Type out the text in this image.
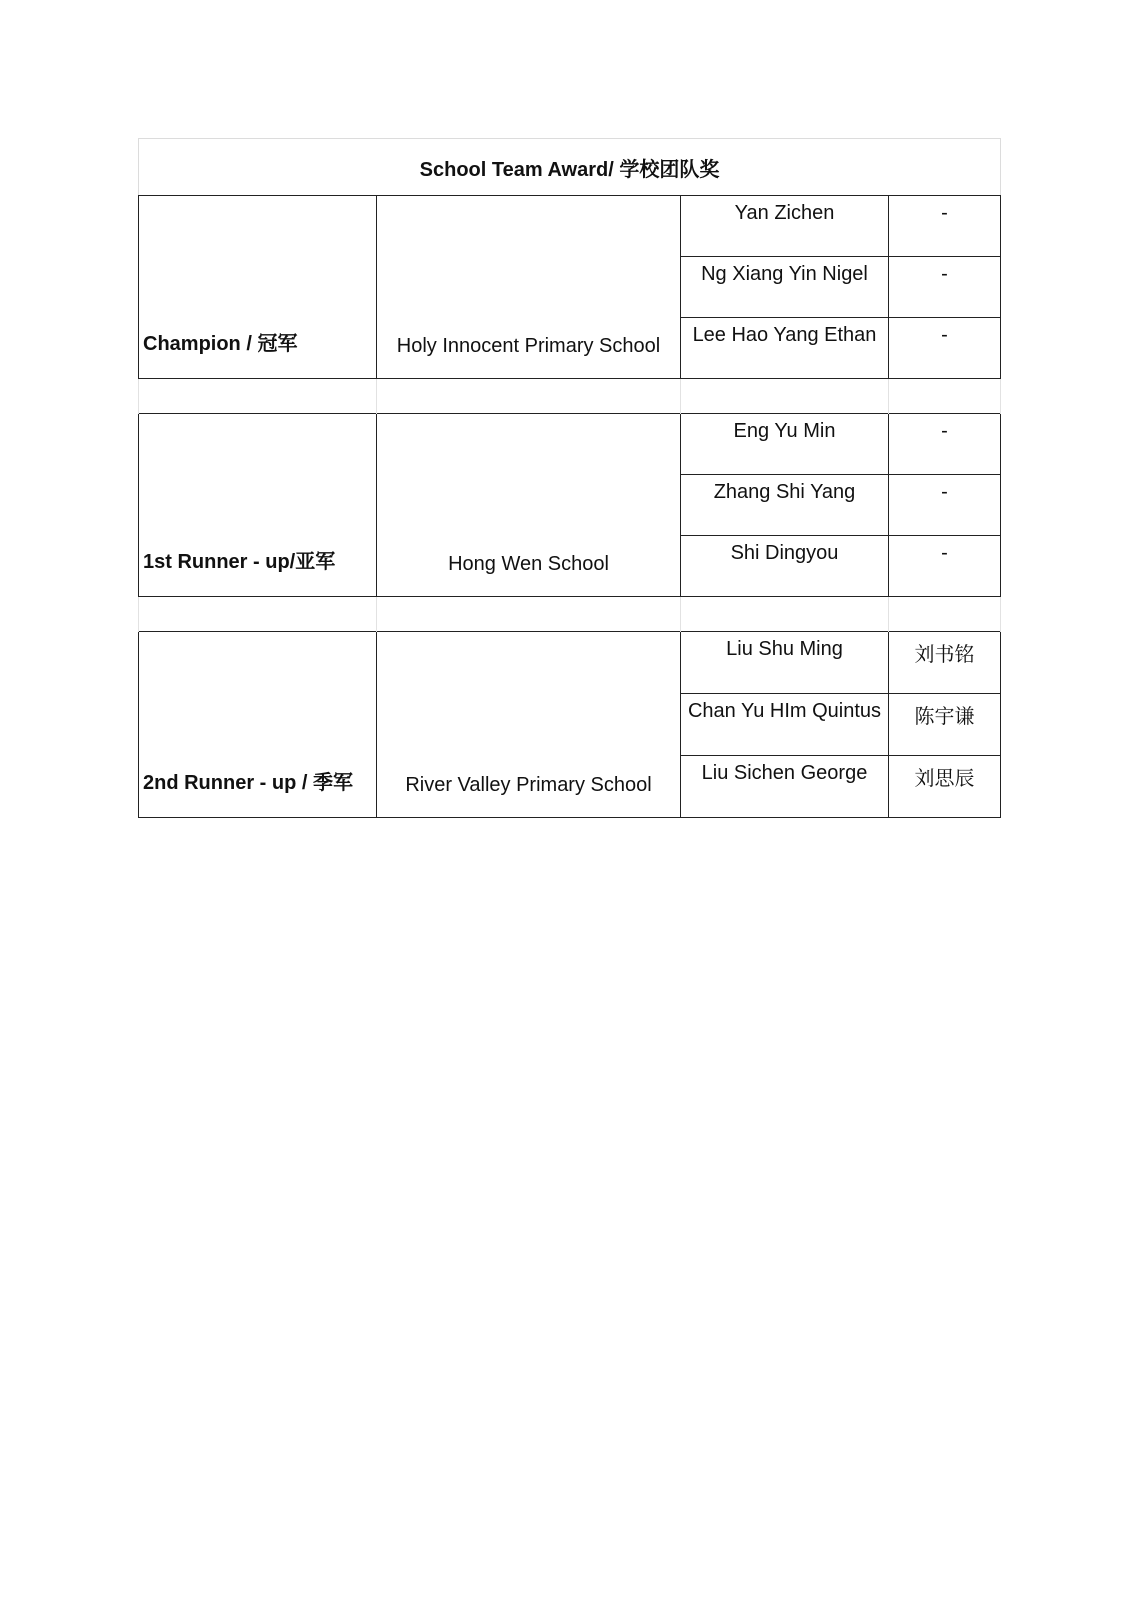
School Team Award/ 学校团队奖			
Champion / 冠军	Holy Innocent Primary School	Yan Zichen	-
		Ng Xiang Yin Nigel	-
		Lee Hao Yang Ethan	-

1st Runner - up/亚军	Hong Wen School	Eng Yu Min	-
		Zhang Shi Yang	-
		Shi Dingyou	-

2nd Runner - up / 季军	River Valley Primary School	Liu Shu Ming	刘书铭
		Chan Yu HIm Quintus	陈宇谦
		Liu Sichen George	刘思辰
